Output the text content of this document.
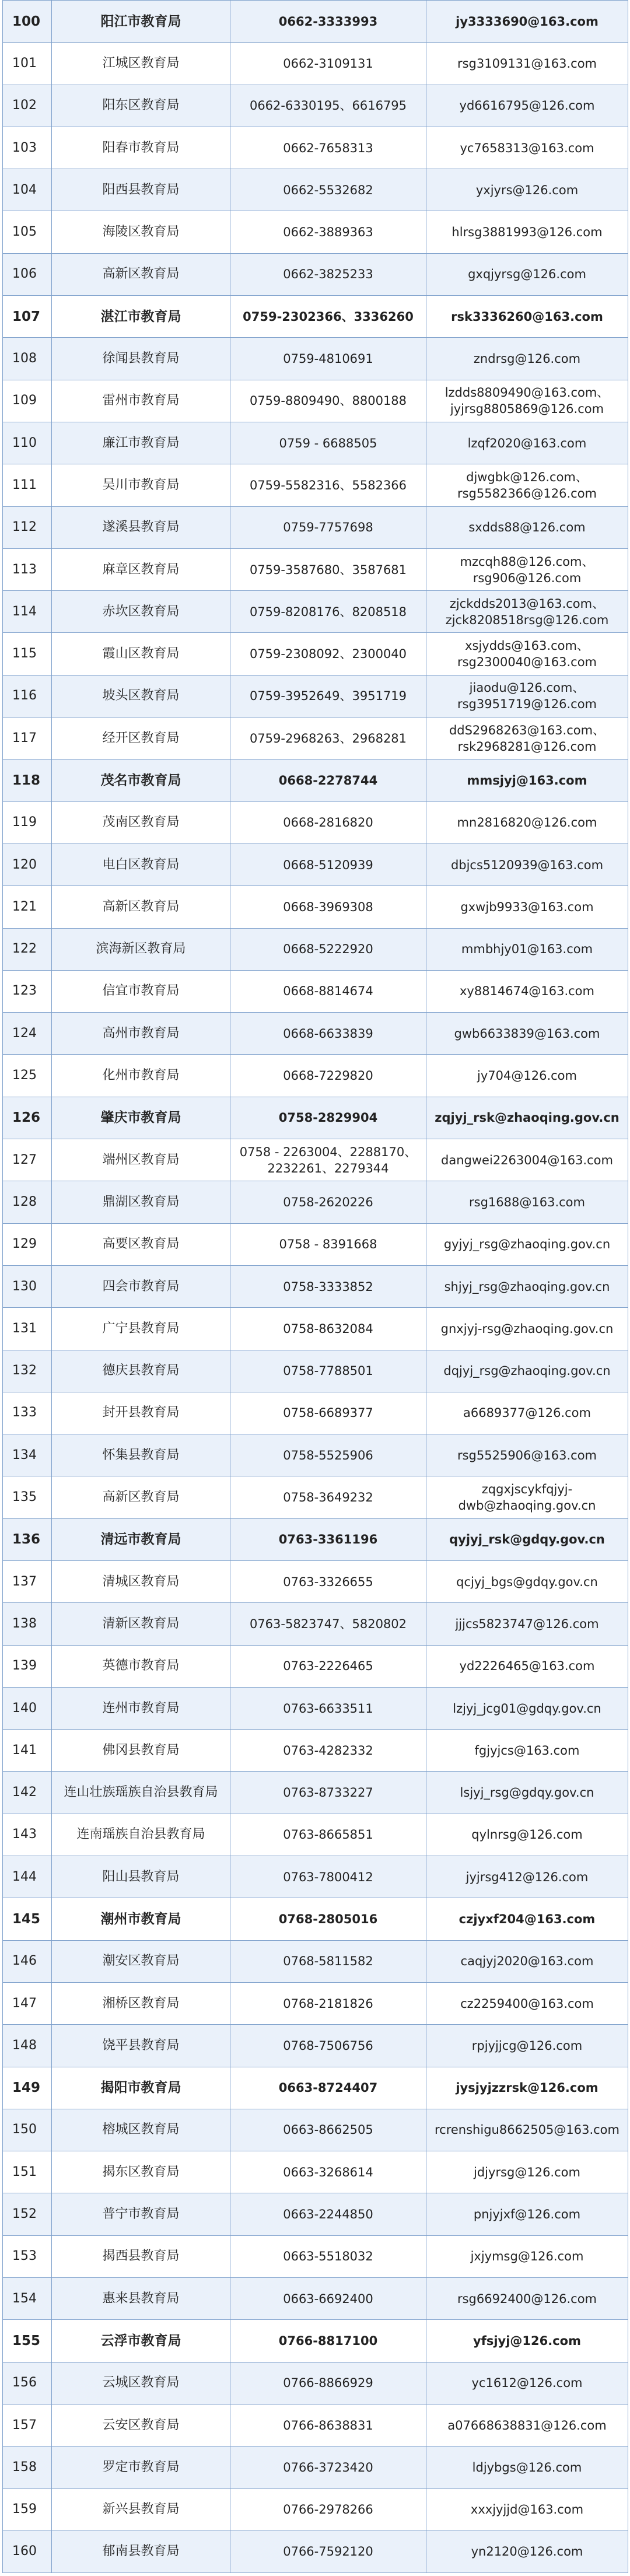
100	阳江市教育局	0662-3333993	jy3333690@163.com
101	江城区教育局	0662-3109131	rsg3109131@163.com
102	阳东区教育局	0662-6330195、6616795	yd6616795@126.com
103	阳春市教育局	0662-7658313	yc7658313@163.com
104	阳西县教育局	0662-5532682	yxjyrs@126.com
105	海陵区教育局	0662-3889363	hlrsg3881993@126.com
106	高新区教育局	0662-3825233	gxqjyrsg@126.com
107	湛江市教育局	0759-2302366、3336260	rsk3336260@163.com
108	徐闻县教育局	0759-4810691	zndrsg@126.com
109	雷州市教育局	0759-8809490、8800188	lzdds8809490@163.com、
jyjrsg8805869@126.com
110	廉江市教育局	0759 - 6688505	lzqf2020@163.com
111	吴川市教育局	0759-5582316、5582366	djwgbk@126.com、
rsg5582366@126.com
112	遂溪县教育局	0759-7757698	sxdds88@126.com
113	麻章区教育局	0759-3587680、3587681	mzcqh88@126.com、
rsg906@126.com
114	赤坎区教育局	0759-8208176、8208518	zjckdds2013@163.com、
zjck8208518rsg@126.com
115	霞山区教育局	0759-2308092、2300040	xsjydds@163.com、
rsg2300040@163.com
116	坡头区教育局	0759-3952649、3951719	jiaodu@126.com、
rsg3951719@126.com
117	经开区教育局	0759-2968263、2968281	ddS2968263@163.com、
rsk2968281@126.com
118	茂名市教育局	0668-2278744	mmsjyj@163.com
119	茂南区教育局	0668-2816820	mn2816820@126.com
120	电白区教育局	0668-5120939	dbjcs5120939@163.com
121	高新区教育局	0668-3969308	gxwjb9933@163.com
122	滨海新区教育局	0668-5222920	mmbhjy01@163.com
123	信宜市教育局	0668-8814674	xy8814674@163.com
124	高州市教育局	0668-6633839	gwb6633839@163.com
125	化州市教育局	0668-7229820	jy704@126.com
126	肇庆市教育局	0758-2829904	zqjyj_rsk@zhaoqing.gov.cn
127	端州区教育局	0758 - 2263004、2288170、
2232261、2279344	dangwei2263004@163.com
128	鼎湖区教育局	0758-2620226	rsg1688@163.com
129	高要区教育局	0758 - 8391668	gyjyj_rsg@zhaoqing.gov.cn
130	四会市教育局	0758-3333852	shjyj_rsg@zhaoqing.gov.cn
131	广宁县教育局	0758-8632084	gnxjyj-rsg@zhaoqing.gov.cn
132	德庆县教育局	0758-7788501	dqjyj_rsg@zhaoqing.gov.cn
133	封开县教育局	0758-6689377	a6689377@126.com
134	怀集县教育局	0758-5525906	rsg5525906@163.com
135	高新区教育局	0758-3649232	zqgxjscykfqjyj-
dwb@zhaoqing.gov.cn
136	清远市教育局	0763-3361196	qyjyj_rsk@gdqy.gov.cn
137	清城区教育局	0763-3326655	qcjyj_bgs@gdqy.gov.cn
138	清新区教育局	0763-5823747、5820802	jjjcs5823747@126.com
139	英德市教育局	0763-2226465	yd2226465@163.com
140	连州市教育局	0763-6633511	lzjyj_jcg01@gdqy.gov.cn
141	佛冈县教育局	0763-4282332	fgjyjcs@163.com
142	连山壮族瑶族自治县教育局	0763-8733227	lsjyj_rsg@gdqy.gov.cn
143	连南瑶族自治县教育局	0763-8665851	qylnrsg@126.com
144	阳山县教育局	0763-7800412	jyjrsg412@126.com
145	潮州市教育局	0768-2805016	czjyxf204@163.com
146	潮安区教育局	0768-5811582	caqjyj2020@163.com
147	湘桥区教育局	0768-2181826	cz2259400@163.com
148	饶平县教育局	0768-7506756	rpjyjjcg@126.com
149	揭阳市教育局	0663-8724407	jysjyjzzrsk@126.com
150	榕城区教育局	0663-8662505	rcrenshigu8662505@163.com
151	揭东区教育局	0663-3268614	jdjyrsg@126.com
152	普宁市教育局	0663-2244850	pnjyjxf@126.com
153	揭西县教育局	0663-5518032	jxjymsg@126.com
154	惠来县教育局	0663-6692400	rsg6692400@126.com
155	云浮市教育局	0766-8817100	yfsjyj@126.com
156	云城区教育局	0766-8866929	yc1612@126.com
157	云安区教育局	0766-8638831	a07668638831@126.com
158	罗定市教育局	0766-3723420	ldjybgs@126.com
159	新兴县教育局	0766-2978266	xxxjyjjd@163.com
160	郁南县教育局	0766-7592120	yn2120@126.com
